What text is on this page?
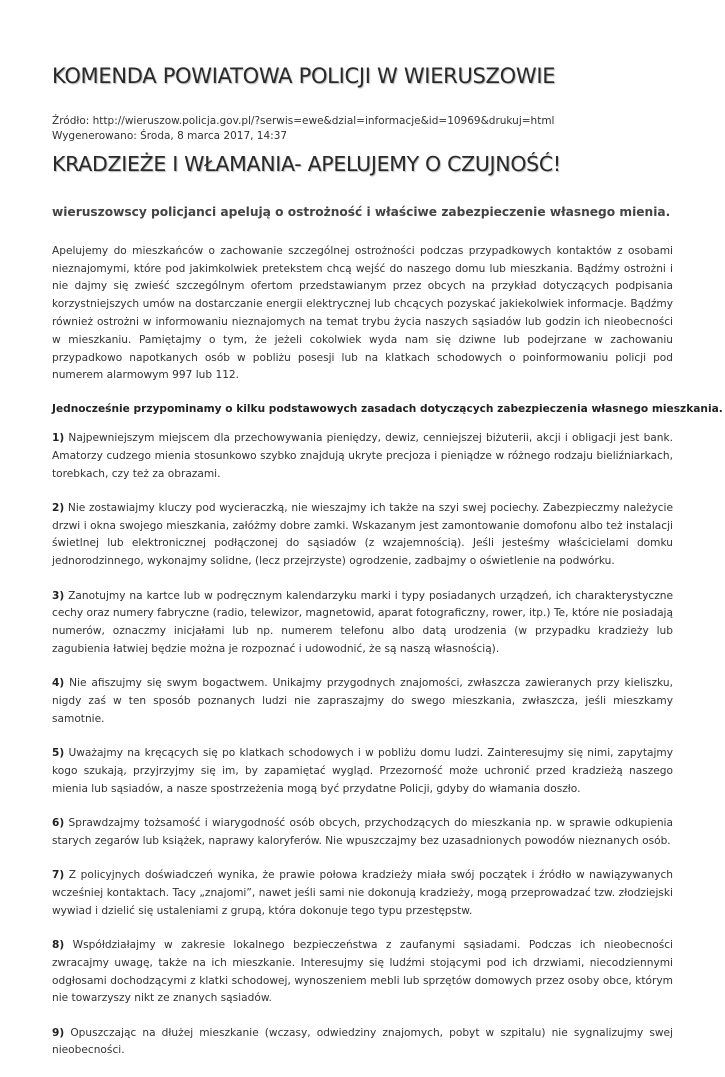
KOMENDA POWIATOWA POLICJI W WIERUSZOWIE
Źródło: http://wieruszow.policja.gov.pl/?serwis=ewe&dzial=informacje&id=10969&drukuj=html
Wygenerowano: Środa, 8 marca 2017, 14:37
KRADZIEŻE I WŁAMANIA- APELUJEMY O CZUJNOŚĆ!

wieruszowscy policjanci apelują o ostrożność i właściwe zabezpieczenie własnego mienia.

Apelujemy do mieszkańców o zachowanie szczególnej ostrożności podczas przypadkowych kontaktów z osobami nieznajomymi, które pod jakimkolwiek pretekstem chcą wejść do naszego domu lub mieszkania. Bądźmy ostrożni i nie dajmy się zwieść szczególnym ofertom przedstawianym przez obcych na przykład dotyczących podpisania korzystniejszych umów na dostarczanie energii elektrycznej lub chcących pozyskać jakiekolwiek informacje. Bądźmy również ostrożni w informowaniu nieznajomych na temat trybu życia naszych sąsiadów lub godzin ich nieobecności w mieszkaniu. Pamiętajmy o tym, że jeżeli cokolwiek wyda nam się dziwne lub podejrzane w zachowaniu przypadkowo napotkanych osób w pobliżu posesji lub na klatkach schodowych o poinformowaniu policji pod numerem alarmowym 997 lub 112.

Jednocześnie przypominamy o kilku podstawowych zasadach dotyczących zabezpieczenia własnego mieszkania.

1) Najpewniejszym miejscem dla przechowywania pieniędzy, dewiz, cenniejszej biżuterii, akcji i obligacji jest bank. Amatorzy cudzego mienia stosunkowo szybko znajdują ukryte precjoza i pieniądze w różnego rodzaju bieliźniarkach, torebkach, czy też za obrazami.

2) Nie zostawiajmy kluczy pod wycieraczką, nie wieszajmy ich także na szyi swej pociechy. Zabezpieczmy należycie drzwi i okna swojego mieszkania, załóżmy dobre zamki. Wskazanym jest zamontowanie domofonu albo też instalacji świetlnej lub elektronicznej podłączonej do sąsiadów (z wzajemnością). Jeśli jesteśmy właścicielami domku jednorodzinnego, wykonajmy solidne, (lecz przejrzyste) ogrodzenie, zadbajmy o oświetlenie na podwórku.

3) Zanotujmy na kartce lub w podręcznym kalendarzyku marki i typy posiadanych urządzeń, ich charakterystyczne cechy oraz numery fabryczne (radio, telewizor, magnetowid, aparat fotograficzny, rower, itp.) Te, które nie posiadają numerów, oznaczmy inicjałami lub np. numerem telefonu albo datą urodzenia (w przypadku kradzieży lub zagubienia łatwiej będzie można je rozpoznać i udowodnić, że są naszą własnością).

4) Nie afiszujmy się swym bogactwem. Unikajmy przygodnych znajomości, zwłaszcza zawieranych przy kieliszku, nigdy zaś w ten sposób poznanych ludzi nie zapraszajmy do swego mieszkania, zwłaszcza, jeśli mieszkamy samotnie.

5) Uważajmy na kręcących się po klatkach schodowych i w pobliżu domu ludzi. Zainteresujmy się nimi, zapytajmy kogo szukają, przyjrzyjmy się im, by zapamiętać wygląd. Przezorność może uchronić przed kradzieżą naszego mienia lub sąsiadów, a nasze spostrzeżenia mogą być przydatne Policji, gdyby do włamania doszło.

6) Sprawdzajmy tożsamość i wiarygodność osób obcych, przychodzących do mieszkania np. w sprawie odkupienia starych zegarów lub książek, naprawy kaloryferów. Nie wpuszczajmy bez uzasadnionych powodów nieznanych osób.

7) Z policyjnych doświadczeń wynika, że prawie połowa kradzieży miała swój początek i źródło w nawiązywanych wcześniej kontaktach. Tacy „znajomi”, nawet jeśli sami nie dokonują kradzieży, mogą przeprowadzać tzw. złodziejski wywiad i dzielić się ustaleniami z grupą, która dokonuje tego typu przestępstw.

8) Współdziałajmy w zakresie lokalnego bezpieczeństwa z zaufanymi sąsiadami. Podczas ich nieobecności zwracajmy uwagę, także na ich mieszkanie. Interesujmy się ludźmi stojącymi pod ich drzwiami, niecodziennymi odgłosami dochodzącymi z klatki schodowej, wynoszeniem mebli lub sprzętów domowych przez osoby obce, którym nie towarzyszy nikt ze znanych sąsiadów.

9) Opuszczając na dłużej mieszkanie (wczasy, odwiedziny znajomych, pobyt w szpitalu) nie sygnalizujmy swej nieobecności.
